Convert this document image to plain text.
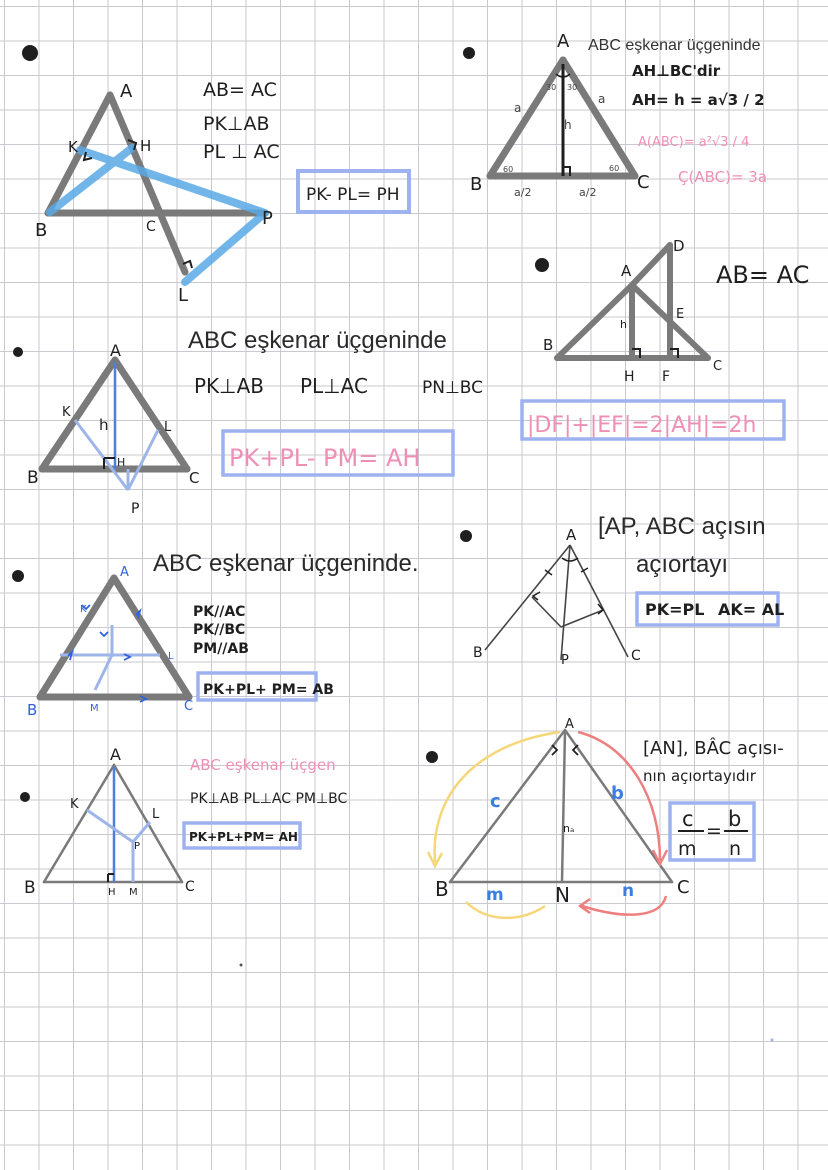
A
B	C
K	H
P
L
AB= AC
PK⊥AB
PL ⊥ AC
PK- PL= PH
A
B	C
a
a
h
30 30
60	60
a/2	a/2
ABC eşkenar üçgeninde
AH⊥BC'dir
AH= h = a√3 / 2
A(ABC)= a²√3 / 4
Ç(ABC)= 3a
A
B	C
K
L
H
P
h
ABC eşkenar üçgeninde
PK⊥AB PL⊥AC	PN⊥BC
PK+PL- PM= AH
D
A
B
C
E
H F
h
AB= AC
|DF|+|EF|=2|AH|=2h
A
B	C
K
L
M
ABC eşkenar üçgeninde.
PK//AC
PK//BC
PM//AB
PK+PL+ PM= AB
A
B	C
P
[AP, ABC açısın
açıortayı
PK=PL AK= AL
A
B	C
K
L
H M
P
ABC eşkenar üçgen
PK⊥AB PL⊥AC PM⊥BC
PK+PL+PM= AH
A
B	C
N
c	b
m	n
nₐ
[AN], BÂC açısı-
nın açıortayıdır
c
m
= b
n
